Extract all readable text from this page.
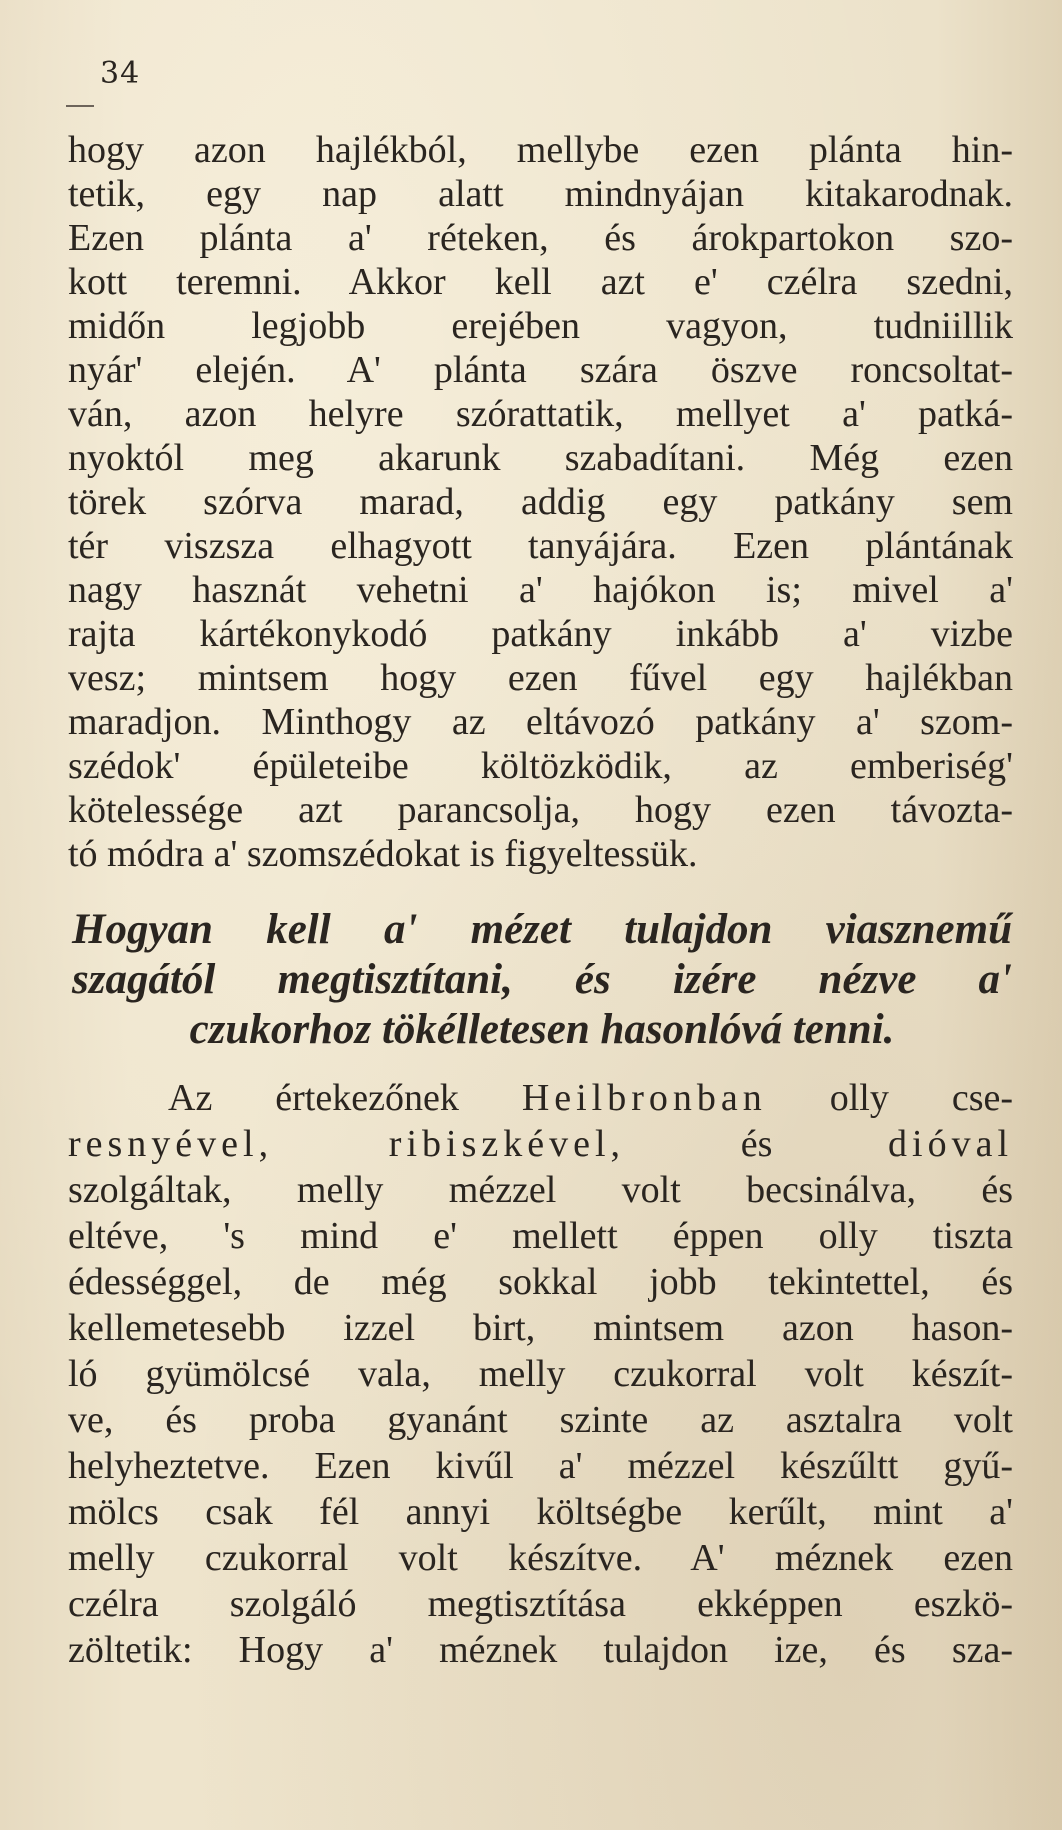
34
hogy azon hajlékból, mellybe ezen plánta hin-
tetik, egy nap alatt mindnyájan kitakarodnak.
Ezen plánta a' réteken, és árokpartokon szo-
kott teremni. Akkor kell azt e' czélra szedni,
midőn legjobb erejében vagyon, tudniillik
nyár' elején. A' plánta szára öszve roncsoltat-
ván, azon helyre szórattatik, mellyet a' patká-
nyoktól meg akarunk szabadítani. Még ezen
törek szórva marad, addig egy patkány sem
tér viszsza elhagyott tanyájára. Ezen plántának
nagy hasznát vehetni a' hajókon is; mivel a'
rajta kártékonykodó patkány inkább a' vizbe
vesz; mintsem hogy ezen fűvel egy hajlékban
maradjon. Minthogy az eltávozó patkány a' szom-
szédok' épületeibe költözködik, az emberiség'
kötelessége azt parancsolja, hogy ezen távozta-
tó módra a' szomszédokat is figyeltessük.
Hogyan kell a' mézet tulajdon viasznemű
szagától megtisztítani, és izére nézve a'
czukorhoz tökélletesen hasonlóvá tenni.
Az értekezőnek Heilbronban olly cse-
resnyével,	ribiszkével,	és	dióval
szolgáltak, melly mézzel volt becsinálva, és
eltéve, 's mind e' mellett éppen olly tiszta
édességgel, de még sokkal jobb tekintettel, és
kellemetesebb izzel birt, mintsem azon hason-
ló gyümölcsé vala, melly czukorral volt készít-
ve, és proba gyanánt szinte az asztalra volt
helyheztetve. Ezen kivűl a' mézzel készűltt gyű-
mölcs csak fél annyi költségbe kerűlt, mint a'
melly czukorral volt készítve. A' méznek ezen
czélra szolgáló megtisztítása ekképpen eszkö-
zöltetik: Hogy a' méznek tulajdon ize, és sza-
